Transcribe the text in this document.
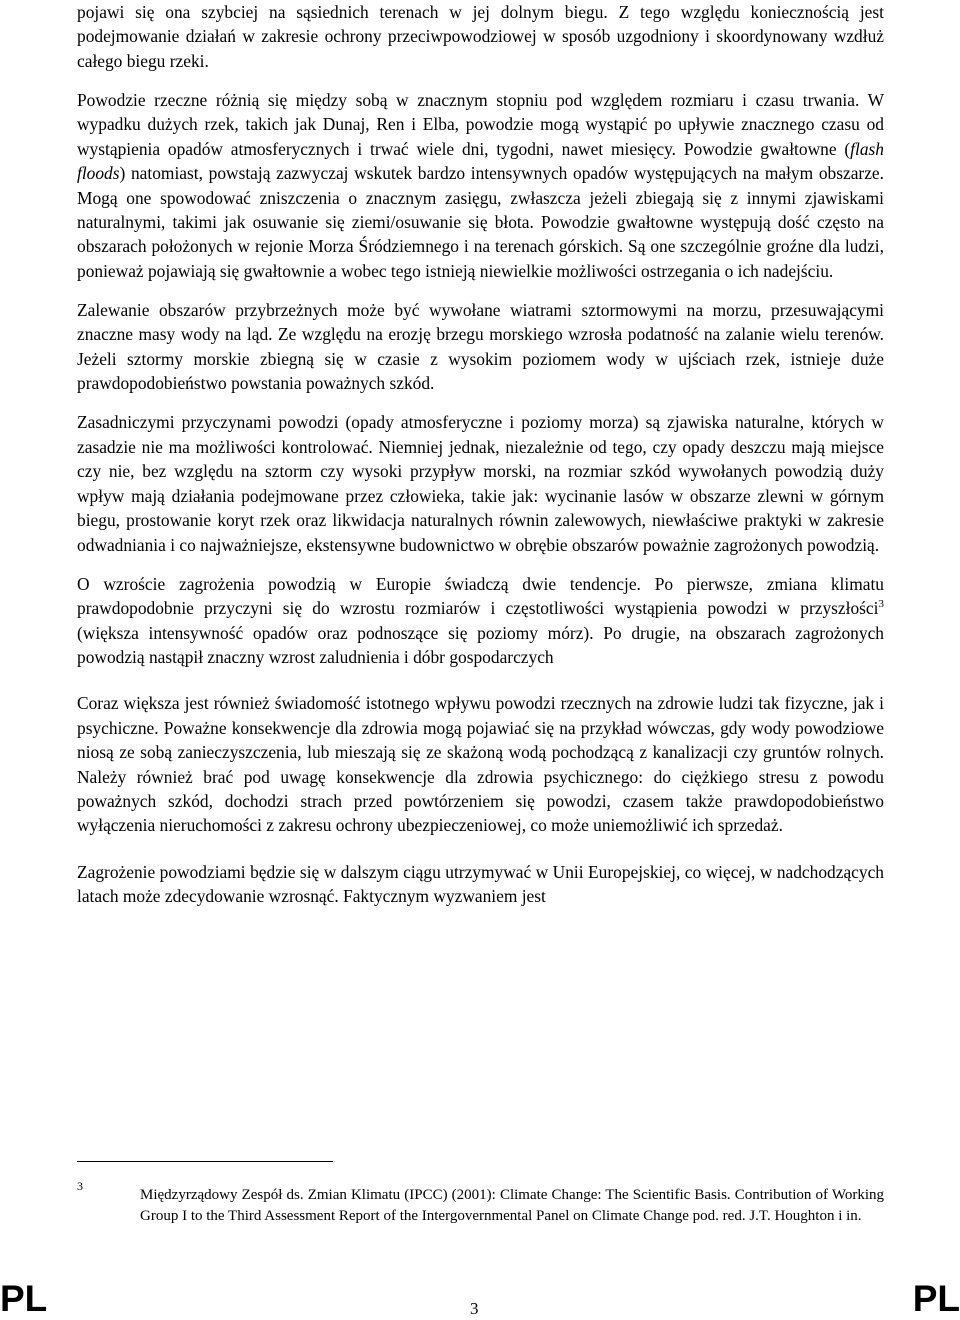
pojawi się ona szybciej na sąsiednich terenach w jej dolnym biegu. Z tego względu koniecznością jest podejmowanie działań w zakresie ochrony przeciwpowodziowej w sposób uzgodniony i skoordynowany wzdłuż całego biegu rzeki.

Powodzie rzeczne różnią się między sobą w znacznym stopniu pod względem rozmiaru i czasu trwania. W wypadku dużych rzek, takich jak Dunaj, Ren i Elba, powodzie mogą wystąpić po upływie znacznego czasu od wystąpienia opadów atmosferycznych i trwać wiele dni, tygodni, nawet miesięcy. Powodzie gwałtowne (flash floods) natomiast, powstają zazwyczaj wskutek bardzo intensywnych opadów występujących na małym obszarze. Mogą one spowodować zniszczenia o znacznym zasięgu, zwłaszcza jeżeli zbiegają się z innymi zjawiskami naturalnymi, takimi jak osuwanie się ziemi/osuwanie się błota. Powodzie gwałtowne występują dość często na obszarach położonych w rejonie Morza Śródziemnego i na terenach górskich. Są one szczególnie groźne dla ludzi, ponieważ pojawiają się gwałtownie a wobec tego istnieją niewielkie możliwości ostrzegania o ich nadejściu.

Zalewanie obszarów przybrzeżnych może być wywołane wiatrami sztormowymi na morzu, przesuwającymi znaczne masy wody na ląd. Ze względu na erozję brzegu morskiego wzrosła podatność na zalanie wielu terenów. Jeżeli sztormy morskie zbiegną się w czasie z wysokim poziomem wody w ujściach rzek, istnieje duże prawdopodobieństwo powstania poważnych szkód.

Zasadniczymi przyczynami powodzi (opady atmosferyczne i poziomy morza) są zjawiska naturalne, których w zasadzie nie ma możliwości kontrolować. Niemniej jednak, niezależnie od tego, czy opady deszczu mają miejsce czy nie, bez względu na sztorm czy wysoki przypływ morski, na rozmiar szkód wywołanych powodzią duży wpływ mają działania podejmowane przez człowieka, takie jak: wycinanie lasów w obszarze zlewni w górnym biegu, prostowanie koryt rzek oraz likwidacja naturalnych równin zalewowych, niewłaściwe praktyki w zakresie odwadniania i co najważniejsze, ekstensywne budownictwo w obrębie obszarów poważnie zagrożonych powodzią.

O wzroście zagrożenia powodzią w Europie świadczą dwie tendencje. Po pierwsze, zmiana klimatu prawdopodobnie przyczyni się do wzrostu rozmiarów i częstotliwości wystąpienia powodzi w przyszłości$^3$ (większa intensywność opadów oraz podnoszące się poziomy mórz). Po drugie, na obszarach zagrożonych powodzią nastąpił znaczny wzrost zaludnienia i dóbr gospodarczych

Coraz większa jest również świadomość istotnego wpływu powodzi rzecznych na zdrowie ludzi tak fizyczne, jak i psychiczne. Poważne konsekwencje dla zdrowia mogą pojawiać się na przykład wówczas, gdy wody powodziowe niosą ze sobą zanieczyszczenia, lub mieszają się ze skażoną wodą pochodzącą z kanalizacji czy gruntów rolnych. Należy również brać pod uwagę konsekwencje dla zdrowia psychicznego: do ciężkiego stresu z powodu poważnych szkód, dochodzi strach przed powtórzeniem się powodzi, czasem także prawdopodobieństwo wyłączenia nieruchomości z zakresu ochrony ubezpieczeniowej, co może uniemożliwić ich sprzedaż.

Zagrożenie powodziami będzie się w dalszym ciągu utrzymywać w Unii Europejskiej, co więcej, w nadchodzących latach może zdecydowanie wzrosnąć. Faktycznym wyzwaniem jest

3

Międzyrządowy Zespół ds. Zmian Klimatu (IPCC) (2001): Climate Change: The Scientific Basis. Contribution of Working Group I to the Third Assessment Report of the Intergovernmental Panel on Climate Change pod. red. J.T. Houghton i in.

PL	3	PL
